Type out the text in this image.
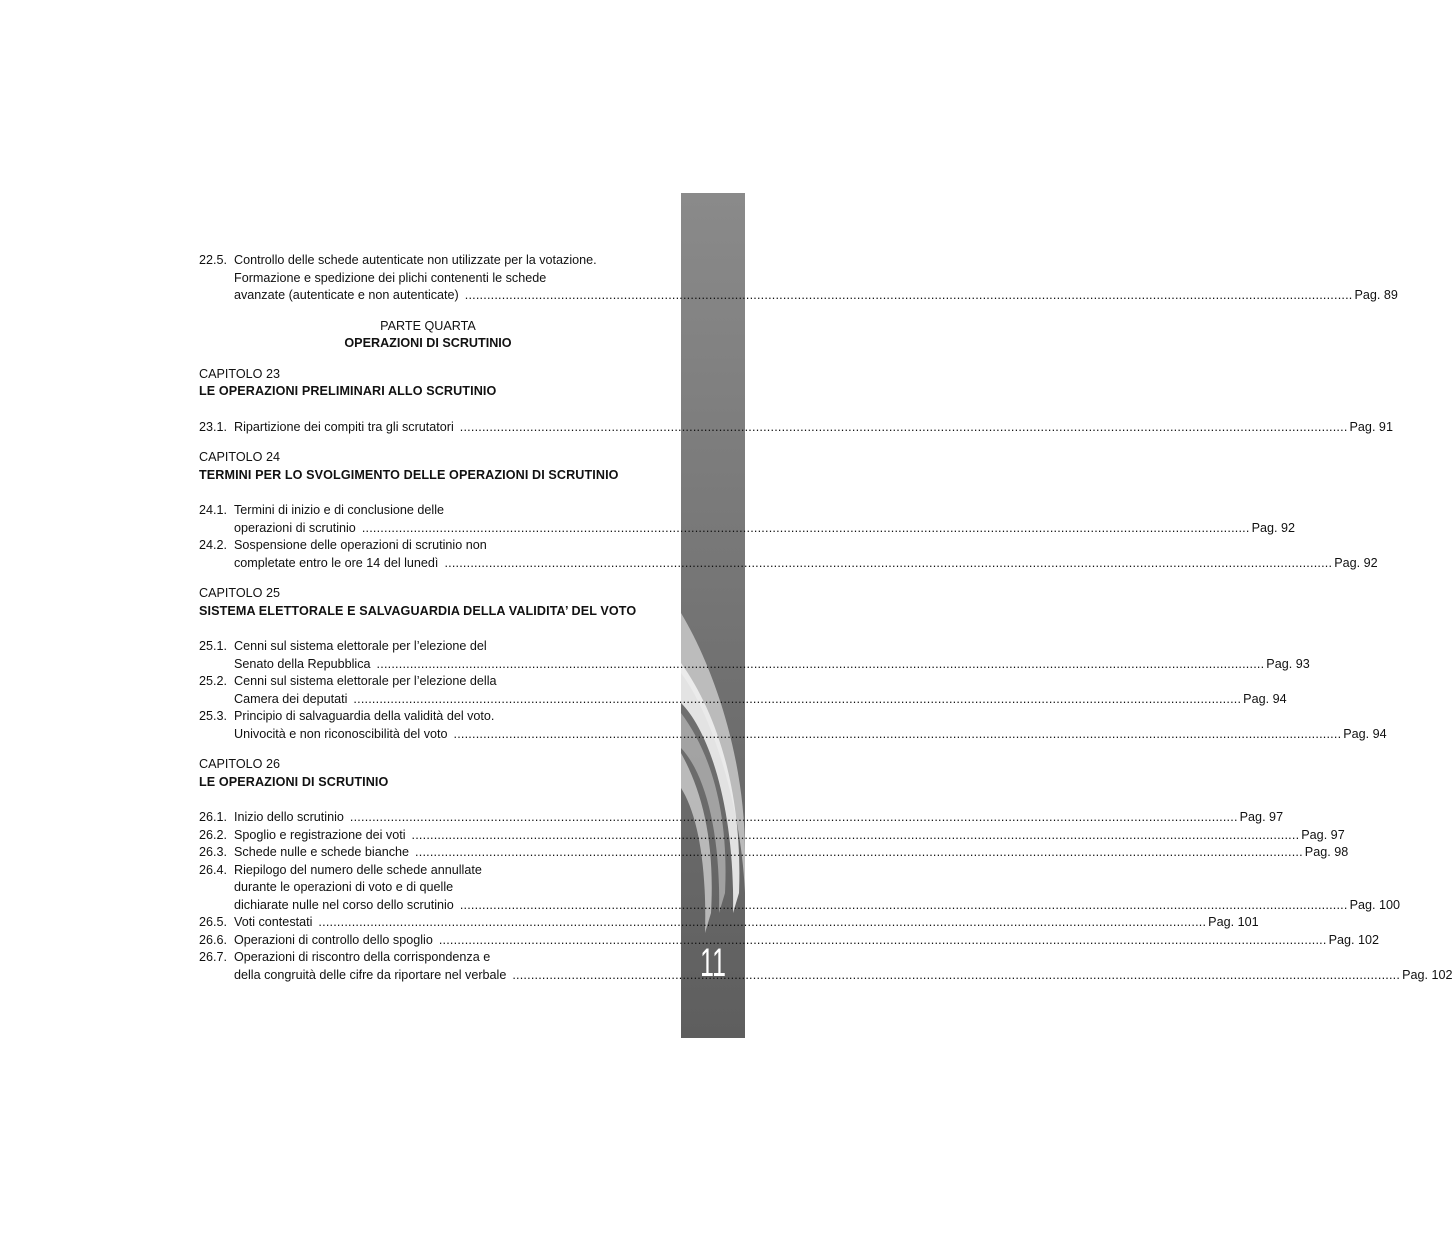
INDICE
11
22.5. Controllo delle schede autenticate non utilizzate per la votazione.
Formazione e spedizione dei plichi contenenti le schede
avanzate (autenticate e non autenticate) .....	Pag. 89
PARTE QUARTA
OPERAZIONI DI SCRUTINIO
CAPITOLO 23
LE OPERAZIONI PRELIMINARI ALLO SCRUTINIO
23.1. Ripartizione dei compiti tra gli scrutatori .....	Pag. 91
CAPITOLO 24
TERMINI PER LO SVOLGIMENTO DELLE OPERAZIONI DI SCRUTINIO
24.1. Termini di inizio e di conclusione delle
operazioni di scrutinio .....	Pag. 92
24.2. Sospensione delle operazioni di scrutinio non
completate entro le ore 14 del lunedì .....	Pag. 92
CAPITOLO 25
SISTEMA ELETTORALE E SALVAGUARDIA DELLA VALIDITA’ DEL VOTO
25.1. Cenni sul sistema elettorale per l’elezione del
Senato della Repubblica .....	Pag. 93
25.2. Cenni sul sistema elettorale per l’elezione della
Camera dei deputati .....	Pag. 94
25.3. Principio di salvaguardia della validità del voto.
Univocità e non riconoscibilità del voto .....	Pag. 94
CAPITOLO 26
LE OPERAZIONI DI SCRUTINIO
26.1. Inizio dello scrutinio .....	Pag. 97
26.2. Spoglio e registrazione dei voti .....	Pag. 97
26.3. Schede nulle e schede bianche .....	Pag. 98
26.4. Riepilogo del numero delle schede annullate
durante le operazioni di voto e di quelle
dichiarate nulle nel corso dello scrutinio .....	Pag. 100
26.5. Voti contestati .....	Pag. 101
26.6. Operazioni di controllo dello spoglio .....	Pag. 102
26.7. Operazioni di riscontro della corrispondenza e
della congruità delle cifre da riportare nel verbale .....	Pag. 102
